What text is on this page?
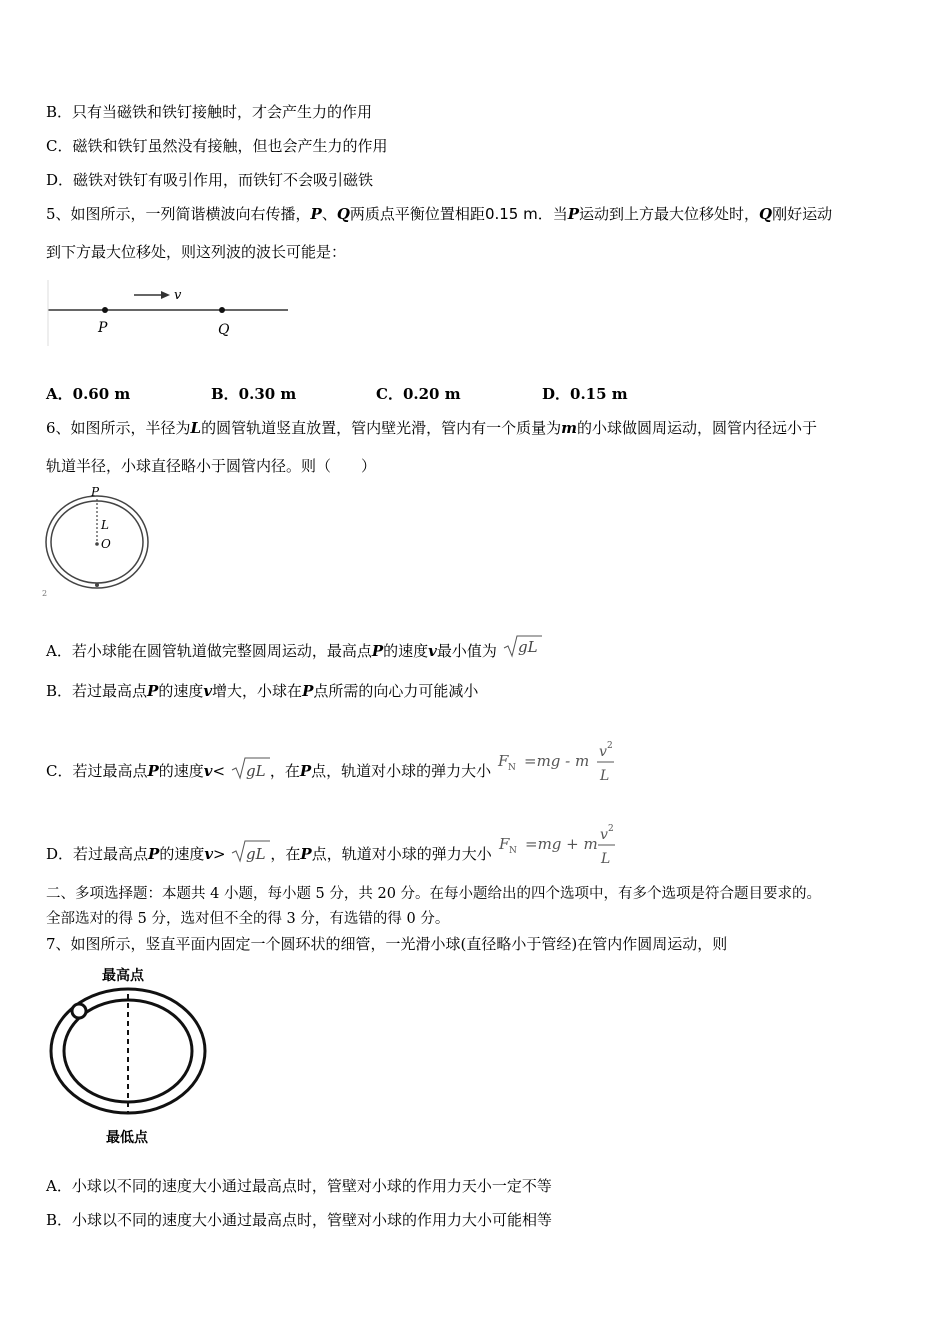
B．只有当磁铁和铁钉接触时，才会产生力的作用
C．磁铁和铁钉虽然没有接触，但也会产生力的作用
D．磁铁对铁钉有吸引作用，而铁钉不会吸引磁铁
5、如图所示，一列简谐横波向右传播，P、Q两质点平衡位置相距0.15 m．当P运动到上方最大位移处时，Q刚好运动
到下方最大位移处，则这列波的波长可能是：
v
P	Q
A．0.60 m	B．0.30 m	C．0.20 m	D．0.15 m
6、如图所示，半径为L的圆管轨道竖直放置，管内壁光滑，管内有一个质量为m的小球做圆周运动，圆管内径远小于
轨道半径，小球直径略小于圆管内径。则（　　）
P
L
O
2
A．若小球能在圆管轨道做完整圆周运动，最高点P的速度v最小值为 gL
B．若过最高点P的速度v增大，小球在P点所需的向心力可能减小
C．若过最高点P的速度v< gL ，在P点，轨道对小球的弹力大小
F N =mg - m v 2
L
D．若过最高点P的速度v> gL ，在P点，轨道对小球的弹力大小
F N =mg + m v 2
L
二、多项选择题：本题共 4 小题，每小题 5 分，共 20 分。在每小题给出的四个选项中，有多个选项是符合题目要求的。
全部选对的得 5 分，选对但不全的得 3 分，有选错的得 0 分。
7、如图所示，竖直平面内固定一个圆环状的细管，一光滑小球(直径略小于管经)在管内作圆周运动，则
最高点
最低点
A．小球以不同的速度大小通过最高点时，管壁对小球的作用力天小一定不等
B．小球以不同的速度大小通过最高点时，管壁对小球的作用力大小可能相等
